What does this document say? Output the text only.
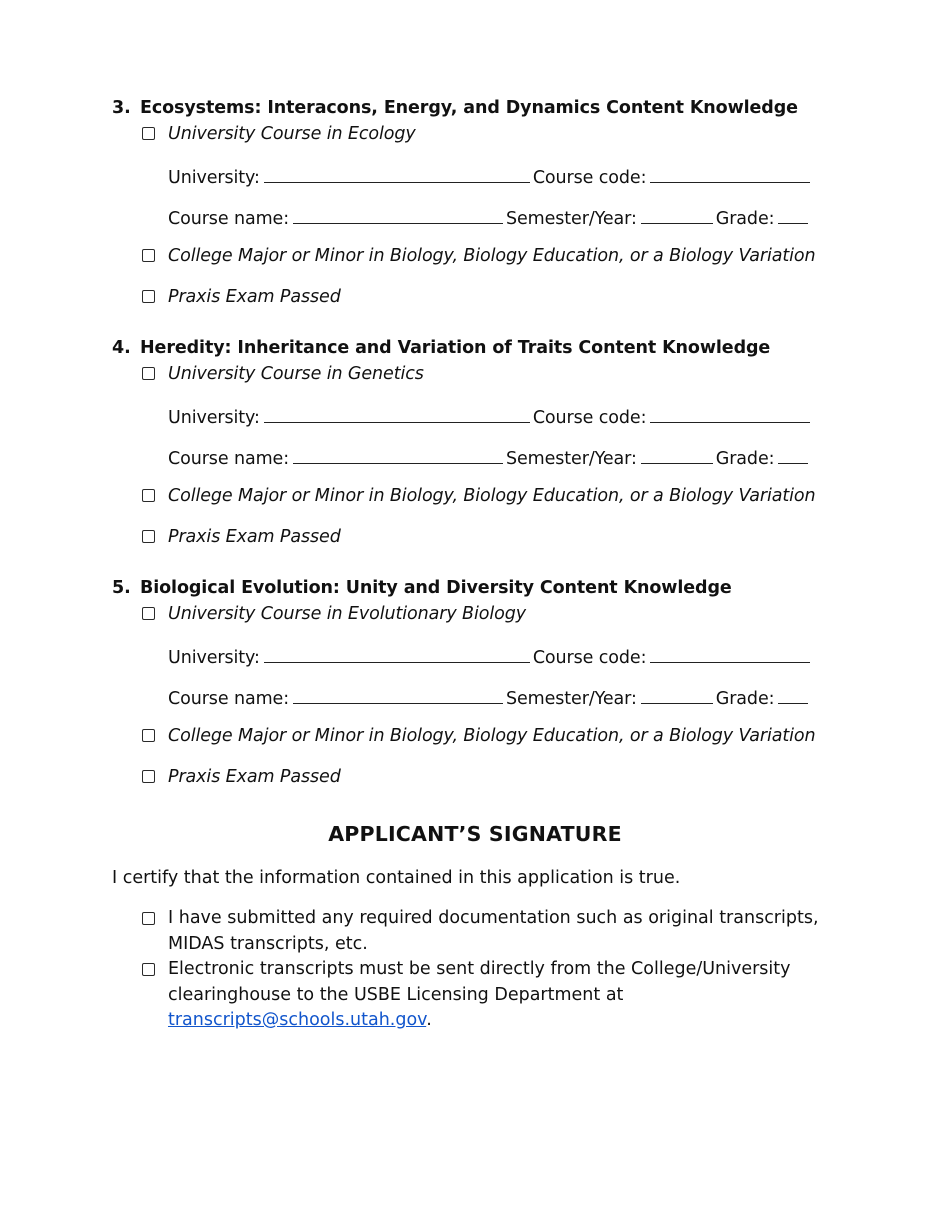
3. Ecosystems: Interacons, Energy, and Dynamics Content Knowledge
University Course in Ecology
University:	Course code:
Course name:	Semester/Year:	Grade:
College Major or Minor in Biology, Biology Education, or a Biology Variation
Praxis Exam Passed
4. Heredity: Inheritance and Variation of Traits Content Knowledge
University Course in Genetics
University:	Course code:
Course name:	Semester/Year:	Grade:
College Major or Minor in Biology, Biology Education, or a Biology Variation
Praxis Exam Passed
5. Biological Evolution: Unity and Diversity Content Knowledge
University Course in Evolutionary Biology
University:	Course code:
Course name:	Semester/Year:	Grade:
College Major or Minor in Biology, Biology Education, or a Biology Variation
Praxis Exam Passed
APPLICANT’S SIGNATURE
I certify that the information contained in this application is true.
I have submitted any required documentation such as original transcripts, MIDAS transcripts, etc.
Electronic transcripts must be sent directly from the College/University clearinghouse to the USBE Licensing Department at transcripts@schools.utah.gov.
